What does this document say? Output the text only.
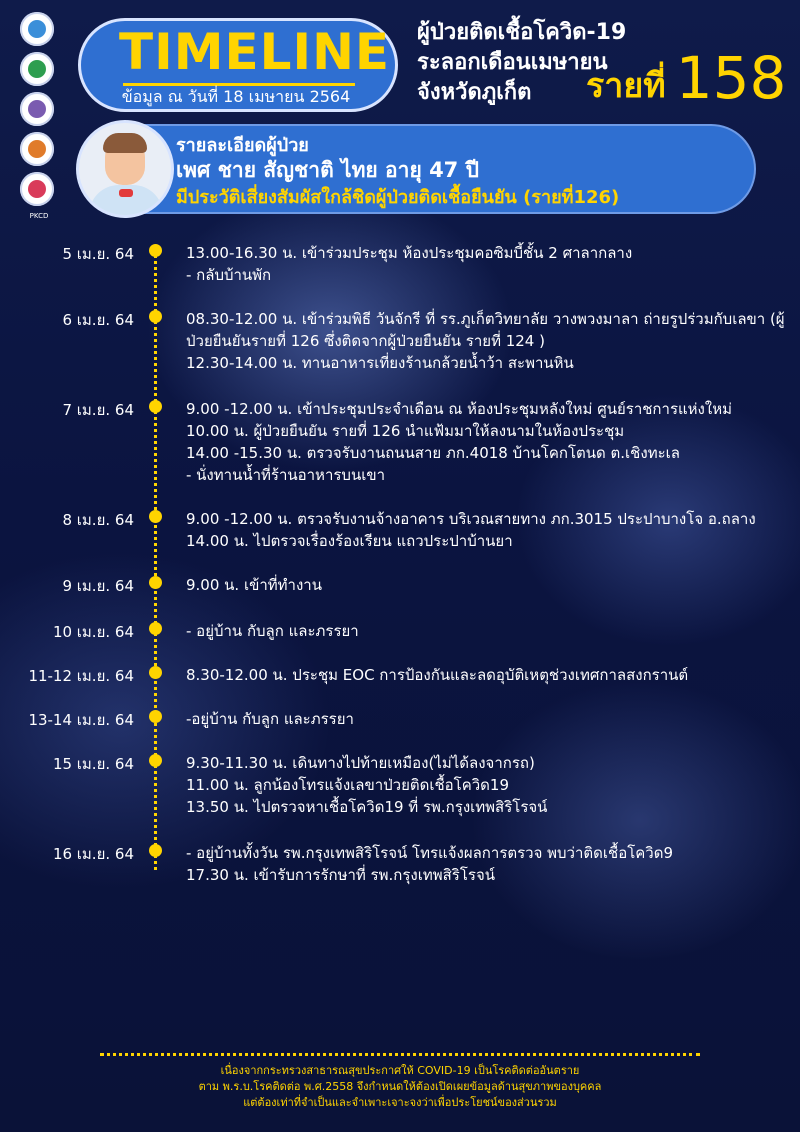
PKCD
TIMELINE
ข้อมูล ณ วันที่ 18 เมษายน 2564
ผู้ป่วยติดเชื้อโควิด-19
ระลอกเดือนเมษายน
จังหวัดภูเก็ต	รายที่ 158
รายละเอียดผู้ป่วย
เพศ ชาย สัญชาติ ไทย อายุ 47 ปี
มีประวัติเสี่ยงสัมผัสใกล้ชิดผู้ป่วยติดเชื้อยืนยัน (รายที่126)
5 เม.ย. 64	13.00-16.30 น. เข้าร่วมประชุม ห้องประชุมคอซิมบี้ชั้น 2 ศาลากลาง
- กลับบ้านพัก
6 เม.ย. 64	08.30-12.00 น. เข้าร่วมพิธี วันจักรี ที่ รร.ภูเก็ตวิทยาลัย วางพวงมาลา ถ่ายรูปร่วมกับเลขา (ผู้ป่วยยืนยันรายที่ 126 ซึ่งติดจากผู้ป่วยยืนยัน รายที่ 124 )
12.30-14.00 น. ทานอาหารเที่ยงร้านกล้วยน้ำว้า สะพานหิน
7 เม.ย. 64	9.00 -12.00 น. เข้าประชุมประจำเดือน ณ ห้องประชุมหลังใหม่ ศูนย์ราชการแห่งใหม่
10.00 น. ผู้ป่วยยืนยัน รายที่ 126 นำแฟ้มมาให้ลงนามในห้องประชุม
14.00 -15.30 น. ตรวจรับงานถนนสาย ภก.4018 บ้านโคกโตนด ต.เชิงทะเล
- นั่งทานน้ำที่ร้านอาหารบนเขา
8 เม.ย. 64	9.00 -12.00 น. ตรวจรับงานจ้างอาคาร บริเวณสายทาง ภก.3015 ประปาบางโจ อ.ถลาง
14.00 น. ไปตรวจเรื่องร้องเรียน แถวประปาบ้านยา
9 เม.ย. 64	9.00 น. เข้าที่ทำงาน
10 เม.ย. 64	- อยู่บ้าน กับลูก และภรรยา
11-12 เม.ย. 64	8.30-12.00 น. ประชุม EOC การป้องกันและลดอุบัติเหตุช่วงเทศกาลสงกรานต์
13-14 เม.ย. 64	-อยู่บ้าน กับลูก และภรรยา
15 เม.ย. 64	9.30-11.30 น. เดินทางไปท้ายเหมือง(ไม่ได้ลงจากรถ)
11.00 น. ลูกน้องโทรแจ้งเลขาป่วยติดเชื้อโควิด19
13.50 น. ไปตรวจหาเชื้อโควิด19 ที่ รพ.กรุงเทพสิริโรจน์
16 เม.ย. 64	- อยู่บ้านทั้งวัน รพ.กรุงเทพสิริโรจน์ โทรแจ้งผลการตรวจ พบว่าติดเชื้อโควิด9
17.30 น. เข้ารับการรักษาที่ รพ.กรุงเทพสิริโรจน์
เนื่องจากกระทรวงสาธารณสุขประกาศให้ COVID-19 เป็นโรคติดต่ออันตราย
ตาม พ.ร.บ.โรคติดต่อ พ.ศ.2558 จึงกำหนดให้ต้องเปิดเผยข้อมูลด้านสุขภาพของบุคคล
แต่ต้องเท่าที่จำเป็นและจำเพาะเจาะจงว่าเพื่อประโยชน์ของส่วนรวม
